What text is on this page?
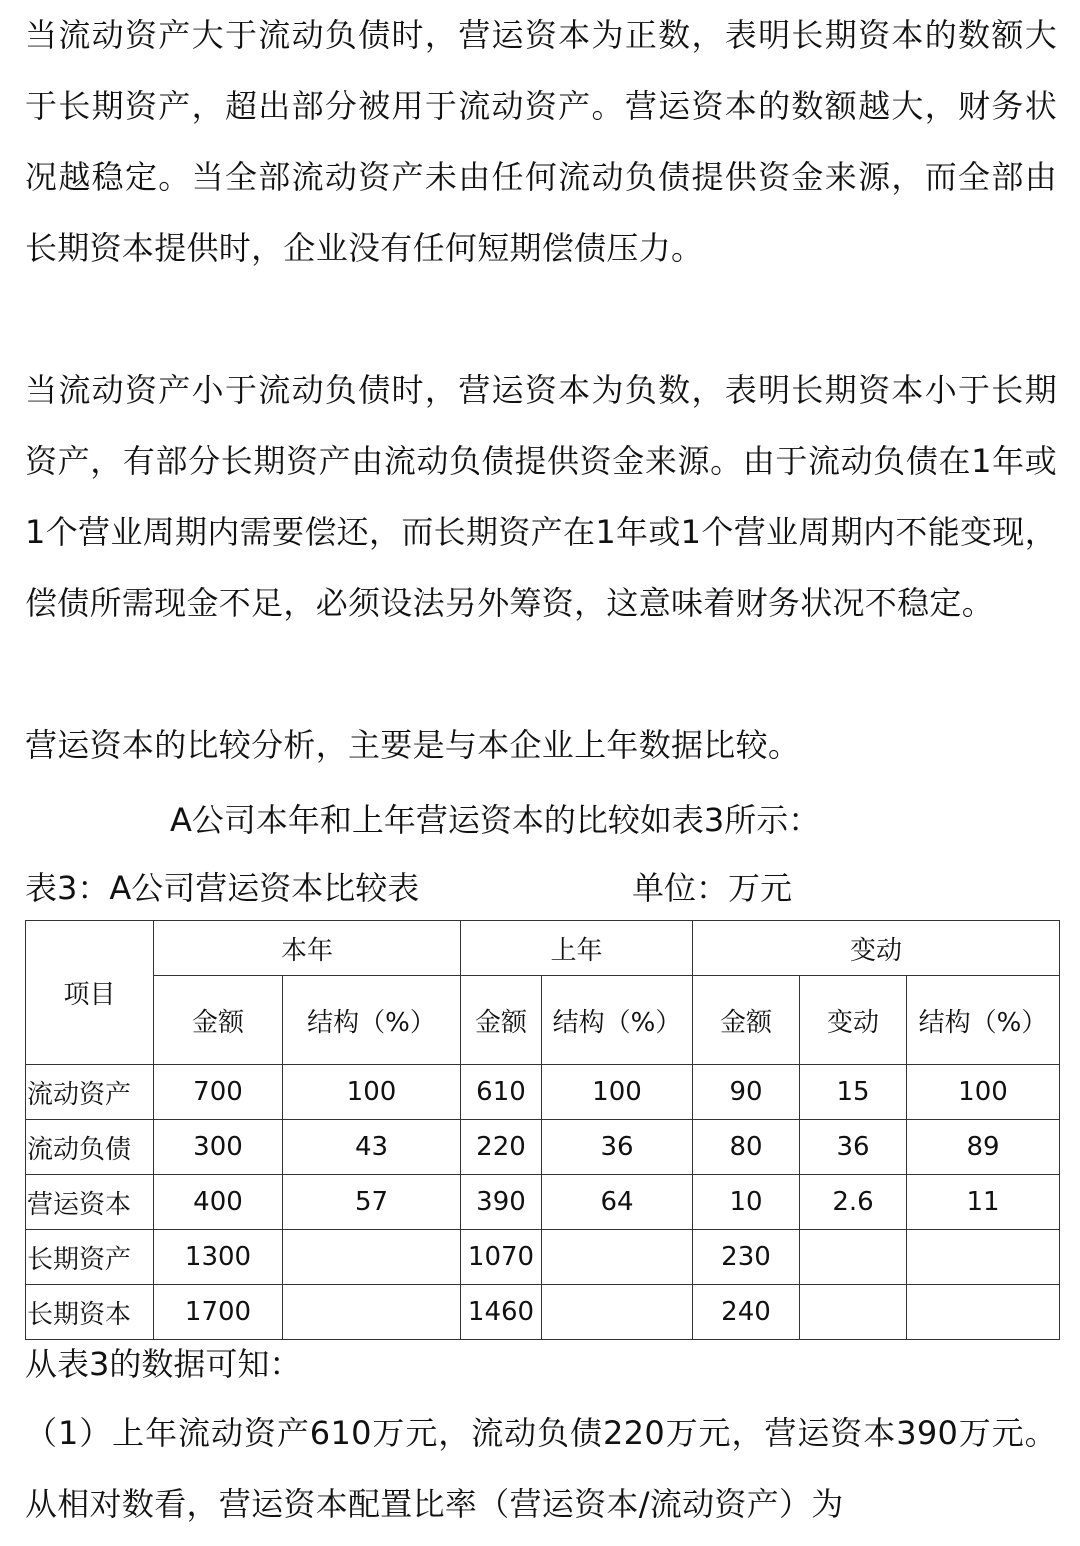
当流动资产大于流动负债时，营运资本为正数，表明长期资本的数额大于长期资产，超出部分被用于流动资产。营运资本的数额越大，财务状况越稳定。当全部流动资产未由任何流动负债提供资金来源，而全部由长期资本提供时，企业没有任何短期偿债压力。

当流动资产小于流动负债时，营运资本为负数，表明长期资本小于长期资产，有部分长期资产由流动负债提供资金来源。由于流动负债在1年或1个营业周期内需要偿还，而长期资产在1年或1个营业周期内不能变现，偿债所需现金不足，必须设法另外筹资，这意味着财务状况不稳定。

营运资本的比较分析，主要是与本企业上年数据比较。

A公司本年和上年营运资本的比较如表3所示：

表3：A公司营运资本比较表	单位：万元

项目	本年		上年		变动		
	金额	结构（%）	金额	结构（%）	金额	变动	结构（%）
流动资产	700	100	610	100	90	15	100
流动负债	300	43	220	36	80	36	89
营运资本	400	57	390	64	10	2.6	11
长期资产	1300		1070		230		
长期资本	1700		1460		240		

从表3的数据可知：

（1）上年流动资产610万元，流动负债220万元，营运资本390万元。从相对数看，营运资本配置比率（营运资本/流动资产）为
